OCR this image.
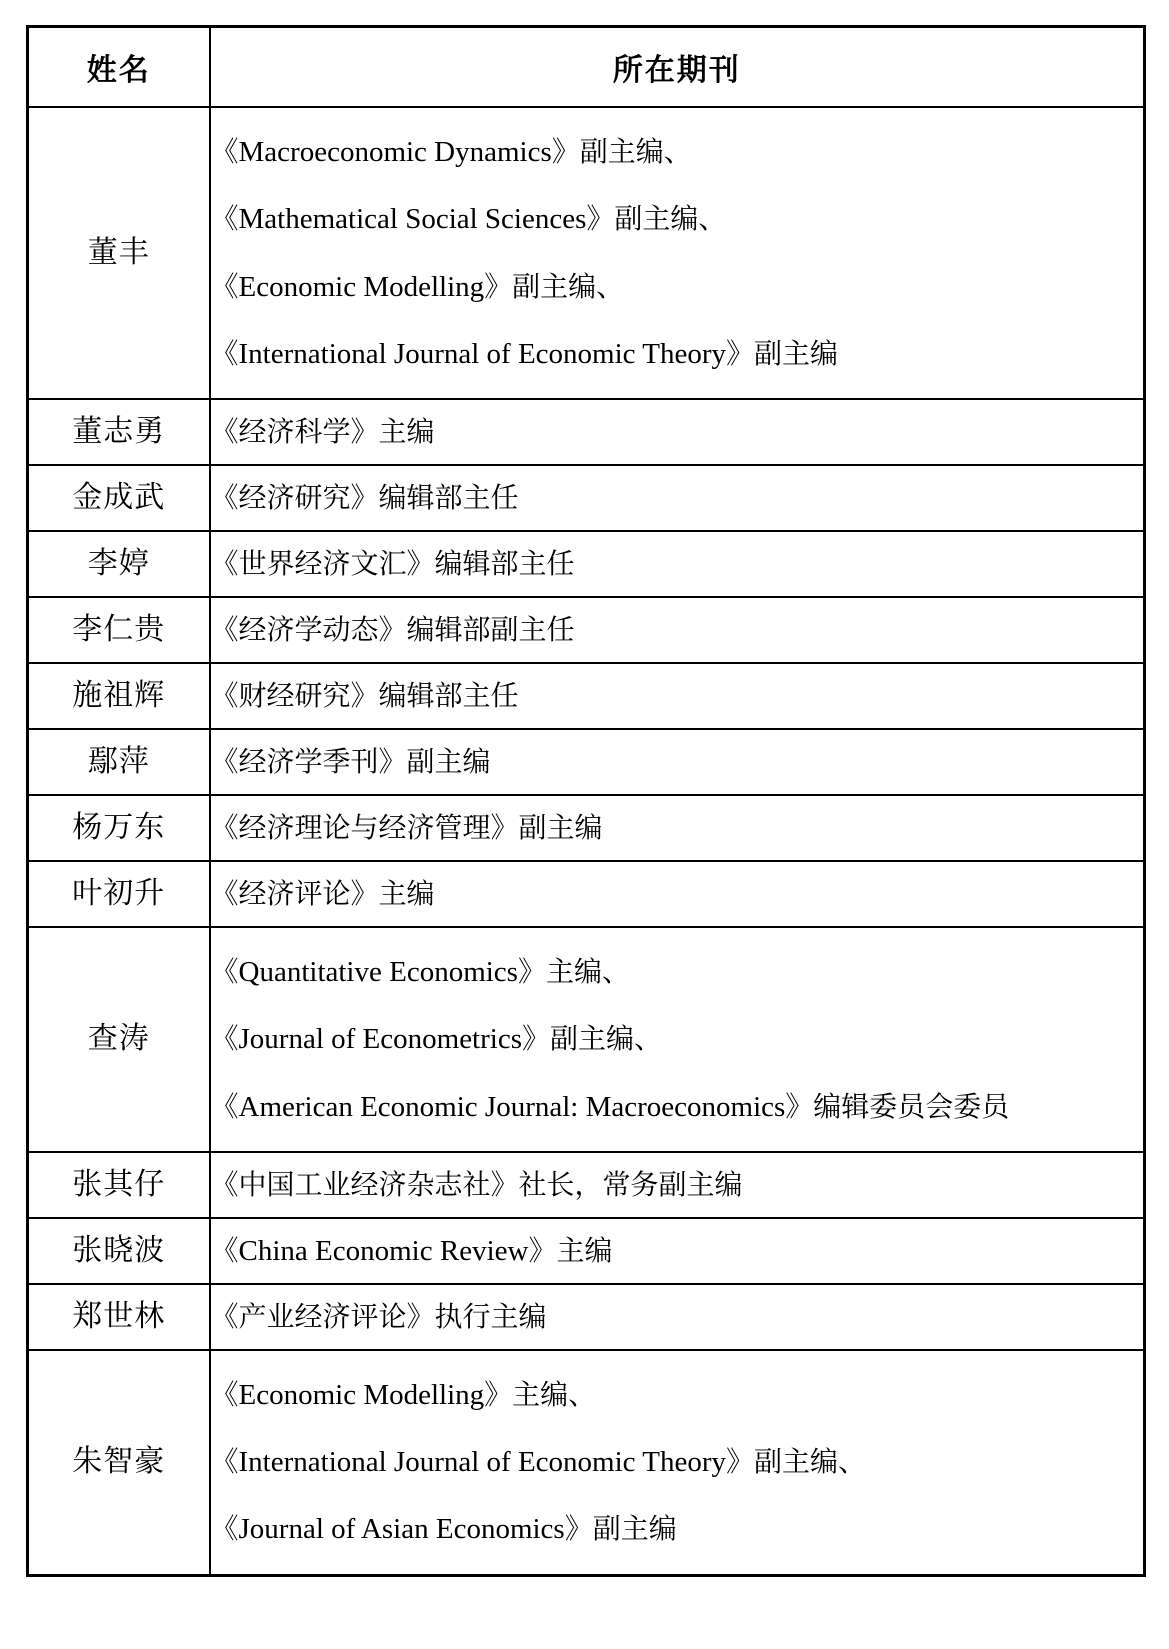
姓名	所在期刊
董丰	《Macroeconomic Dynamics》副主编、
《Mathematical Social Sciences》副主编、
《Economic Modelling》副主编、
《International Journal of Economic Theory》副主编

董志勇	《经济科学》主编

金成武	《经济研究》编辑部主任

李婷	《世界经济文汇》编辑部主任

李仁贵	《经济学动态》编辑部副主任

施祖辉	《财经研究》编辑部主任

鄢萍	《经济学季刊》副主编

杨万东	《经济理论与经济管理》副主编

叶初升	《经济评论》主编

查涛	《Quantitative Economics》主编、
《Journal of Econometrics》副主编、
《American Economic Journal: Macroeconomics》编辑委员会委员

张其仔	《中国工业经济杂志社》社长，常务副主编

张晓波	《China Economic Review》主编

郑世林	《产业经济评论》执行主编

朱智豪	《Economic Modelling》主编、
《International Journal of Economic Theory》副主编、
《Journal of Asian Economics》副主编
